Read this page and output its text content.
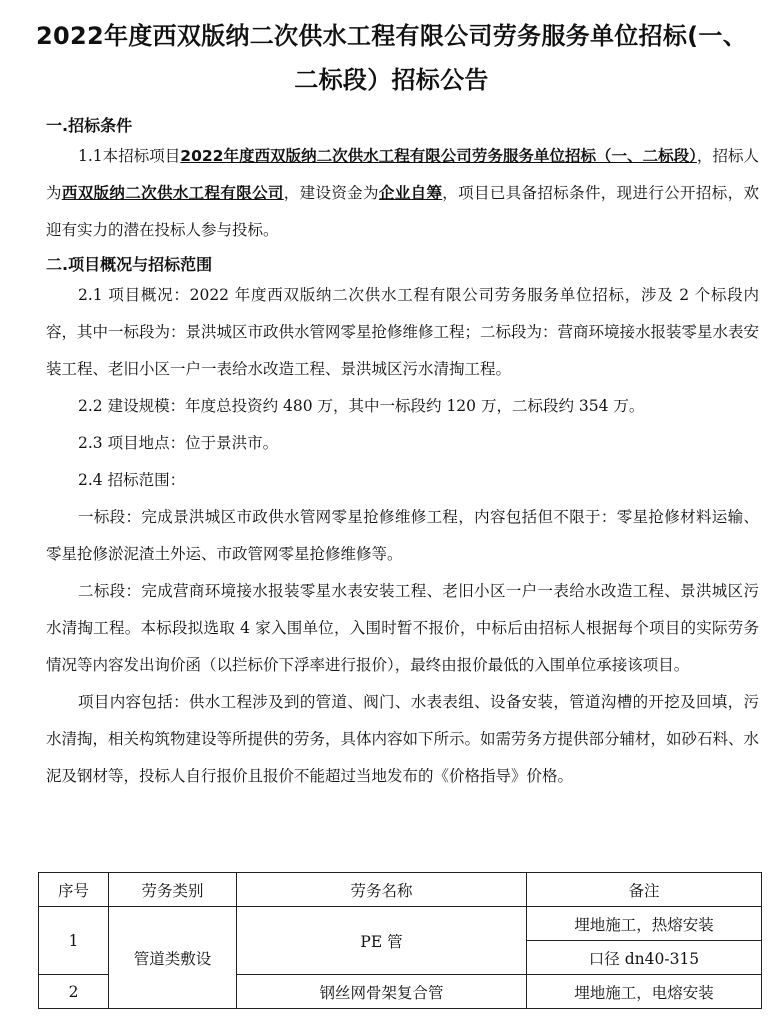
2022年度西双版纳二次供水工程有限公司劳务服务单位招标(一、
二标段）招标公告

一.招标条件

1.1本招标项目2022年度西双版纳二次供水工程有限公司劳务服务单位招标（一、二标段），招标人为西双版纳二次供水工程有限公司，建设资金为企业自筹，项目已具备招标条件，现进行公开招标，欢迎有实力的潜在投标人参与投标。

二.项目概况与招标范围

2.1 项目概况：2022 年度西双版纳二次供水工程有限公司劳务服务单位招标，涉及 2 个标段内容，其中一标段为：景洪城区市政供水管网零星抢修维修工程；二标段为：营商环境接水报装零星水表安装工程、老旧小区一户一表给水改造工程、景洪城区污水清掏工程。

2.2 建设规模：年度总投资约 480 万，其中一标段约 120 万，二标段约 354 万。

2.3 项目地点：位于景洪市。

2.4 招标范围：

一标段：完成景洪城区市政供水管网零星抢修维修工程，内容包括但不限于：零星抢修材料运输、零星抢修淤泥渣土外运、市政管网零星抢修维修等。

二标段：完成营商环境接水报装零星水表安装工程、老旧小区一户一表给水改造工程、景洪城区污水清掏工程。本标段拟选取 4 家入围单位，入围时暂不报价，中标后由招标人根据每个项目的实际劳务情况等内容发出询价函（以拦标价下浮率进行报价），最终由报价最低的入围单位承接该项目。

项目内容包括：供水工程涉及到的管道、阀门、水表表组、设备安装，管道沟槽的开挖及回填，污水清掏，相关构筑物建设等所提供的劳务，具体内容如下所示。如需劳务方提供部分辅材，如砂石料、水泥及钢材等，投标人自行报价且报价不能超过当地发布的《价格指导》价格。

序号	劳务类别	劳务名称	备注
1	管道类敷设	PE 管	埋地施工，热熔安装
			口径 dn40-315
2		钢丝网骨架复合管	埋地施工，电熔安装
